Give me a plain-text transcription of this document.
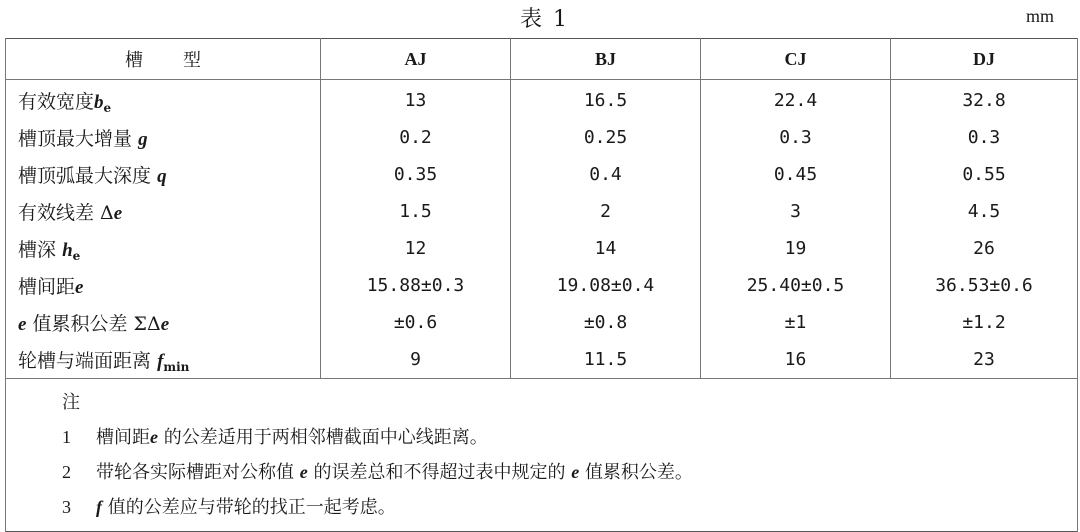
表 1	mm
槽型	AJ	BJ	CJ	DJ
有效宽度$b_e$	13	16.5	22.4	32.8
槽顶最大增量 g	0.2	0.25	0.3	0.3
槽顶弧最大深度 q	0.35	0.4	0.45	0.55
有效线差 Δe	1.5	2	3	4.5
槽深 $h_e$	12	14	19	26
槽间距e	15.88±0.3	19.08±0.4	25.40±0.5	36.53±0.6
e 值累积公差 ΣΔe	±0.6	±0.8	±1	±1.2
轮槽与端面距离 $f_{min}$	9	11.5	16	23

注
1 槽间距e 的公差适用于两相邻槽截面中心线距离。
2 带轮各实际槽距对公称值 e 的误差总和不得超过表中规定的 e 值累积公差。
3 f 值的公差应与带轮的找正一起考虑。				
